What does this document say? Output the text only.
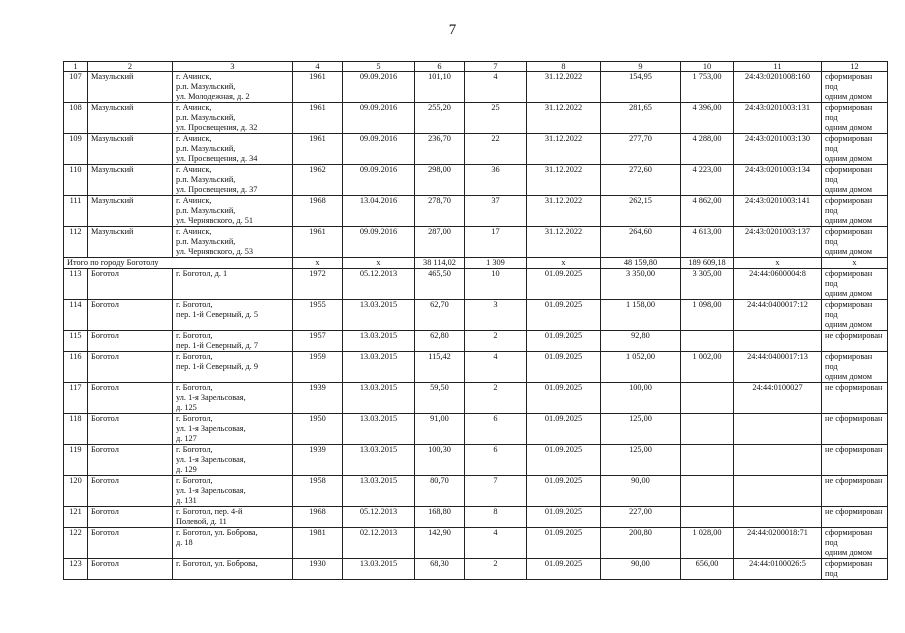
7
1	2	3	4	5	6	7	8	9	10	11	12
107	Мазульский	г. Ачинск,
р.п. Мазульский,
ул. Молодежная, д. 2	1961	09.09.2016	101,10	4	31.12.2022	154,95	1 753,00	24:43:0201008:160	сформирован под
одним домом
108	Мазульский	г. Ачинск,
р.п. Мазульский,
ул. Просвещения, д. 32	1961	09.09.2016	255,20	25	31.12.2022	281,65	4 396,00	24:43:0201003:131	сформирован под
одним домом
109	Мазульский	г. Ачинск,
р.п. Мазульский,
ул. Просвещения, д. 34	1961	09.09.2016	236,70	22	31.12.2022	277,70	4 288,00	24:43:0201003:130	сформирован под
одним домом
110	Мазульский	г. Ачинск,
р.п. Мазульский,
ул. Просвещения, д. 37	1962	09.09.2016	298,00	36	31.12.2022	272,60	4 223,00	24:43:0201003:134	сформирован под
одним домом
111	Мазульский	г. Ачинск,
р.п. Мазульский,
ул. Чернявского, д. 51	1968	13.04.2016	278,70	37	31.12.2022	262,15	4 862,00	24:43:0201003:141	сформирован под
одним домом
112	Мазульский	г. Ачинск,
р.п. Мазульский,
ул. Чернявского, д. 53	1961	09.09.2016	287,00	17	31.12.2022	264,60	4 613,00	24:43:0201003:137	сформирован под
одним домом
Итого по городу Боготолу			х	х	38 114,02	1 309	х	48 159,80	189 609,18	х	х
113	Боготол	г. Боготол, д. 1	1972	05.12.2013	465,50	10	01.09.2025	3 350,00	3 305,00	24:44:0600004:8	сформирован под
одним домом
114	Боготол	г. Боготол,
пер. 1-й Северный, д. 5	1955	13.03.2015	62,70	3	01.09.2025	1 158,00	1 098,00	24:44:0400017:12	сформирован под
одним домом
115	Боготол	г. Боготол,
пер. 1-й Северный, д. 7	1957	13.03.2015	62,80	2	01.09.2025	92,80			не сформирован
116	Боготол	г. Боготол,
пер. 1-й Северный, д. 9	1959	13.03.2015	115,42	4	01.09.2025	1 052,00	1 002,00	24:44:0400017:13	сформирован под
одним домом
117	Боготол	г. Боготол,
ул. 1-я Зарельсовая,
д. 125	1939	13.03.2015	59,50	2	01.09.2025	100,00		24:44:0100027	не сформирован
118	Боготол	г. Боготол,
ул. 1-я Зарельсовая,
д. 127	1950	13.03.2015	91,00	6	01.09.2025	125,00			не сформирован
119	Боготол	г. Боготол,
ул. 1-я Зарельсовая,
д. 129	1939	13.03.2015	100,30	6	01.09.2025	125,00			не сформирован
120	Боготол	г. Боготол,
ул. 1-я Зарельсовая,
д. 131	1958	13.03.2015	80,70	7	01.09.2025	90,00			не сформирован
121	Боготол	г. Боготол, пер. 4-й
Полевой, д. 11	1968	05.12.2013	168,80	8	01.09.2025	227,00			не сформирован
122	Боготол	г. Боготол, ул. Боброва,
д. 18	1981	02.12.2013	142,90	4	01.09.2025	200,80	1 028,00	24:44:0200018:71	сформирован под
одним домом
123	Боготол	г. Боготол, ул. Боброва,	1930	13.03.2015	68,30	2	01.09.2025	90,00	656,00	24:44:0100026:5	сформирован под
